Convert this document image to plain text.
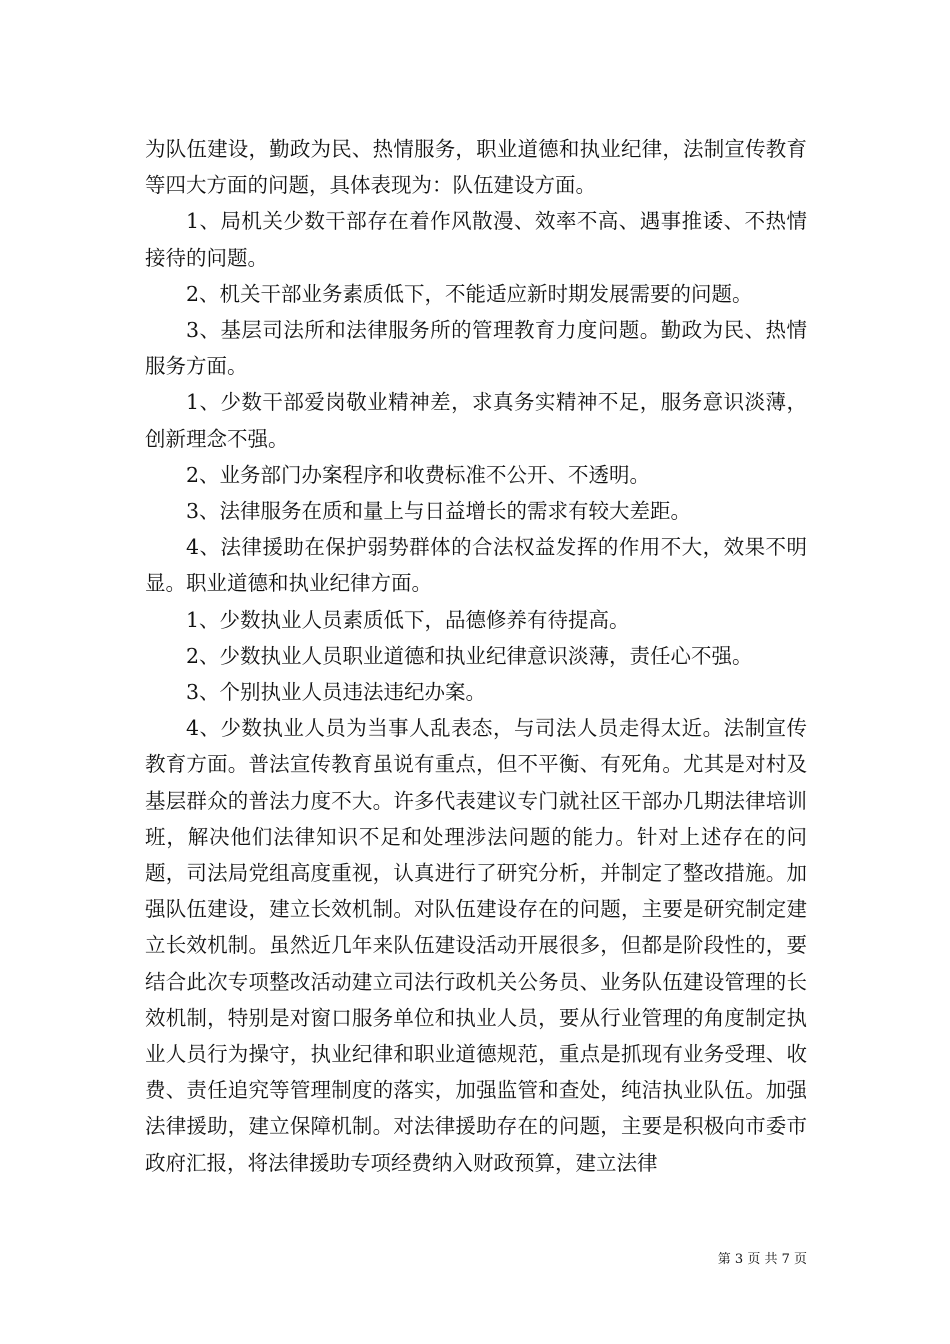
为队伍建设，勤政为民、热情服务，职业道德和执业纪律，法制宣传教育等四大方面的问题，具体表现为：队伍建设方面。

1、局机关少数干部存在着作风散漫、效率不高、遇事推诿、不热情接待的问题。

2、机关干部业务素质低下，不能适应新时期发展需要的问题。

3、基层司法所和法律服务所的管理教育力度问题。勤政为民、热情服务方面。

1、少数干部爱岗敬业精神差，求真务实精神不足，服务意识淡薄，创新理念不强。

2、业务部门办案程序和收费标准不公开、不透明。

3、法律服务在质和量上与日益增长的需求有较大差距。

4、法律援助在保护弱势群体的合法权益发挥的作用不大，效果不明显。职业道德和执业纪律方面。

1、少数执业人员素质低下，品德修养有待提高。

2、少数执业人员职业道德和执业纪律意识淡薄，责任心不强。

3、个别执业人员违法违纪办案。

4、少数执业人员为当事人乱表态，与司法人员走得太近。法制宣传教育方面。普法宣传教育虽说有重点，但不平衡、有死角。尤其是对村及基层群众的普法力度不大。许多代表建议专门就社区干部办几期法律培训班，解决他们法律知识不足和处理涉法问题的能力。针对上述存在的问题，司法局党组高度重视，认真进行了研究分析，并制定了整改措施。加强队伍建设，建立长效机制。对队伍建设存在的问题，主要是研究制定建立长效机制。虽然近几年来队伍建设活动开展很多，但都是阶段性的，要结合此次专项整改活动建立司法行政机关公务员、业务队伍建设管理的长效机制，特别是对窗口服务单位和执业人员，要从行业管理的角度制定执业人员行为操守，执业纪律和职业道德规范，重点是抓现有业务受理、收费、责任追究等管理制度的落实，加强监管和查处，纯洁执业队伍。加强法律援助，建立保障机制。对法律援助存在的问题，主要是积极向市委市政府汇报，将法律援助专项经费纳入财政预算，建立法律

第 3 页 共 7 页
